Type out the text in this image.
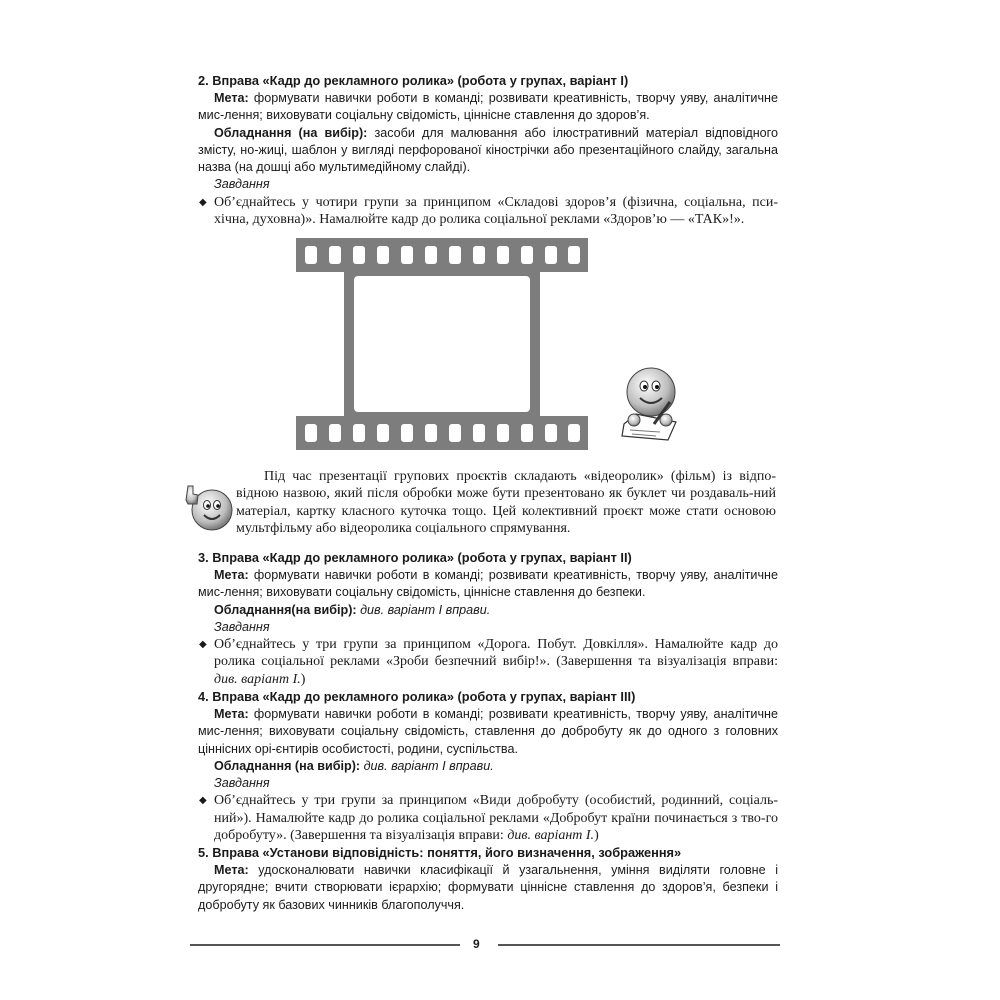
2. Вправа «Кадр до рекламного ролика» (робота у групах, варіант І)
Мета: формувати навички роботи в команді; розвивати креативність, творчу уяву, аналітичне мис-лення; виховувати соціальну свідомість, ціннісне ставлення до здоров’я.
Обладнання (на вибір): засоби для малювання або ілюстративний матеріал відповідного змісту, но-жиці, шаблон у вигляді перфорованої кінострічки або презентаційного слайду, загальна назва (на дошці або мультимедійному слайді).
Завдання
◆ Об’єднайтесь у чотири групи за принципом «Складові здоров’я (фізична, соціальна, пси-хічна, духовна)». Намалюйте кадр до ролика соціальної реклами «Здоров’ю — «ТАК»!».
Під час презентації групових проєктів складають «відеоролик» (фільм) із відпо-відною назвою, який після обробки може бути презентовано як буклет чи роздаваль-ний матеріал, картку класного куточка тощо. Цей колективний проєкт може стати основою мультфільму або відеоролика соціального спрямування.
3. Вправа «Кадр до рекламного ролика» (робота у групах, варіант ІІ)
Мета: формувати навички роботи в команді; розвивати креативність, творчу уяву, аналітичне мис-лення; виховувати соціальну свідомість, ціннісне ставлення до безпеки.
Обладнання(на вибір): див. варіант І вправи.
Завдання
◆ Об’єднайтесь у три групи за принципом «Дорога. Побут. Довкілля». Намалюйте кадр до ролика соціальної реклами «Зроби безпечний вибір!». (Завершення та візуалізація вправи: див. варіант І.)
4. Вправа «Кадр до рекламного ролика» (робота у групах, варіант ІІІ)
Мета: формувати навички роботи в команді; розвивати креативність, творчу уяву, аналітичне мис-лення; виховувати соціальну свідомість, ставлення до добробуту як до одного з головних ціннісних орі-єнтирів особистості, родини, суспільства.
Обладнання (на вибір): див. варіант І вправи.
Завдання
◆ Об’єднайтесь у три групи за принципом «Види добробуту (особистий, родинний, соціаль-ний»). Намалюйте кадр до ролика соціальної реклами «Добробут країни починається з тво-го добробуту». (Завершення та візуалізація вправи: див. варіант І.)
5. Вправа «Установи відповідність: поняття, його визначення, зображення»
Мета: удосконалювати навички класифікації й узагальнення, уміння виділяти головне і другорядне; вчити створювати ієрархію; формувати ціннісне ставлення до здоров’я, безпеки і добробуту як базових чинників благополуччя.
9
